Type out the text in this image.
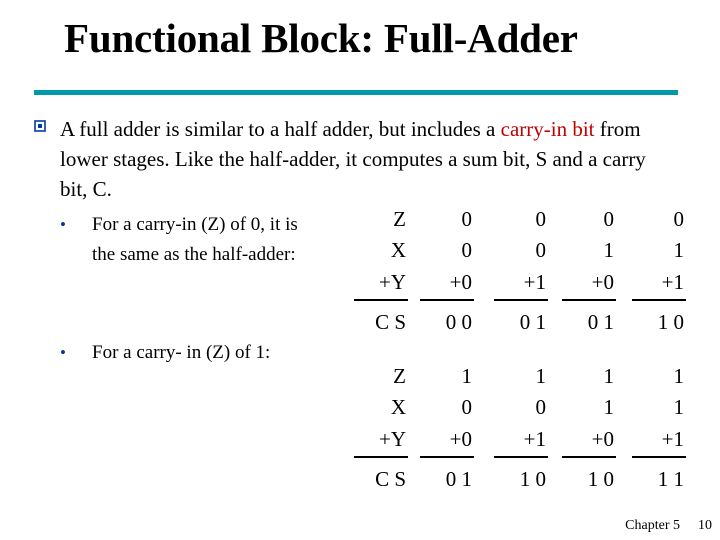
Functional Block: Full-Adder
A full adder is similar to a half adder, but includes a carry-in bit from lower stages. Like the half-adder, it computes a sum bit, S and a carry bit, C.
• For a carry-in (Z) of 0, it is the same as the half-adder:
• For a carry- in (Z) of 1:
Z	0	0	0	0
X	0	0	1	1
+Y	+0	+1	+0	+1
C S	0 0	0 1	0 1	1 0
Z	1	1	1	1
X	0	0	1	1
+Y	+0	+1	+0	+1
C S	0 1	1 0	1 0	1 1
Chapter 5	10
